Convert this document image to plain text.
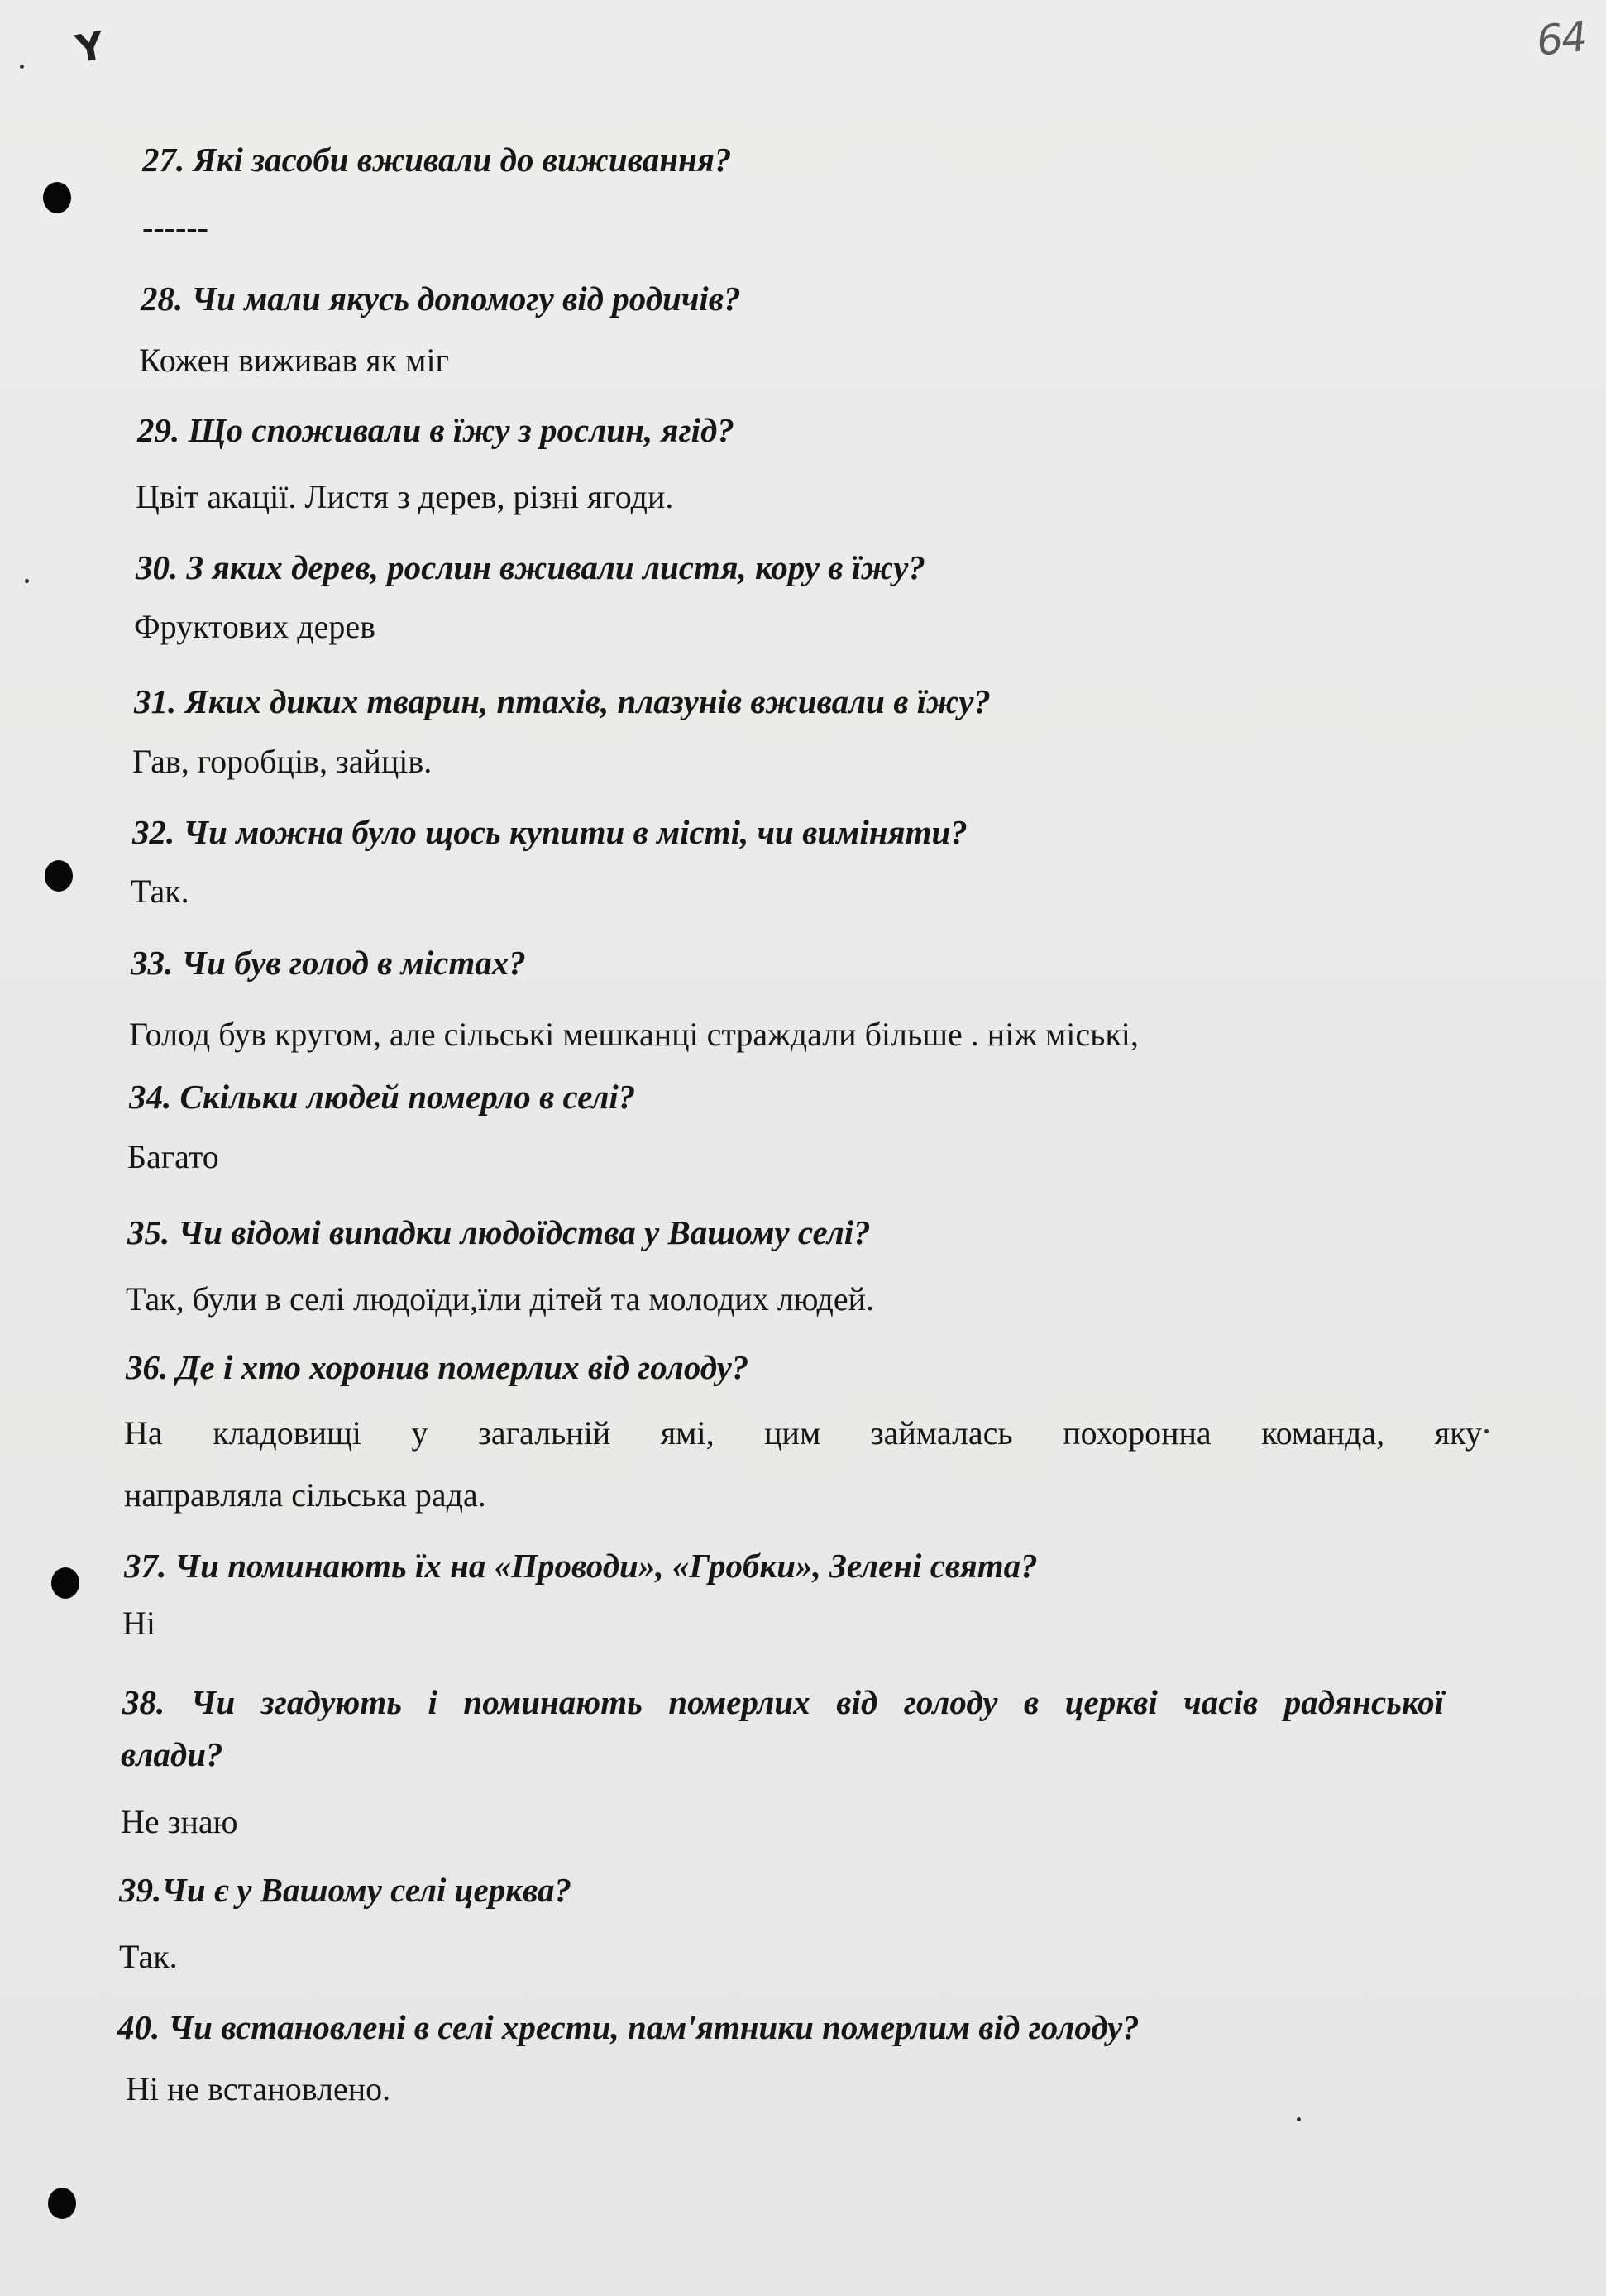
Y	64
27. Які засоби вживали до виживання?
------
28. Чи мали якусь допомогу від родичів?
Кожен виживав як міг
29. Що споживали в їжу з рослин, ягід?
Цвіт акації. Листя з дерев, різні ягоди.
30. З яких дерев, рослин вживали листя, кору в їжу?
Фруктових дерев
31. Яких диких тварин, птахів, плазунів вживали в їжу?
Гав, горобців, зайців.
32. Чи можна було щось купити в місті, чи виміняти?
Так.
33. Чи був голод в містах?
Голод був кругом, але сільські мешканці страждали більше . ніж міські,
34. Скільки людей померло в селі?
Багато
35. Чи відомі випадки людоїдства у Вашому селі?
Так, були в селі людоїди,їли дітей та молодих людей.
36. Де і хто хоронив померлих від голоду?
На кладовищі у загальній ямі, цим займалась похоронна команда, яку
направляла сільська рада.
37. Чи поминають їх на «Проводи», «Гробки», Зелені свята?
Ні
38. Чи згадують і поминають померлих від голоду в церкві часів радянської
влади?
Не знаю
39.Чи є у Вашому селі церква?
Так.
40. Чи встановлені в селі хрести, пам'ятники померлим від голоду?
Ні не встановлено.
